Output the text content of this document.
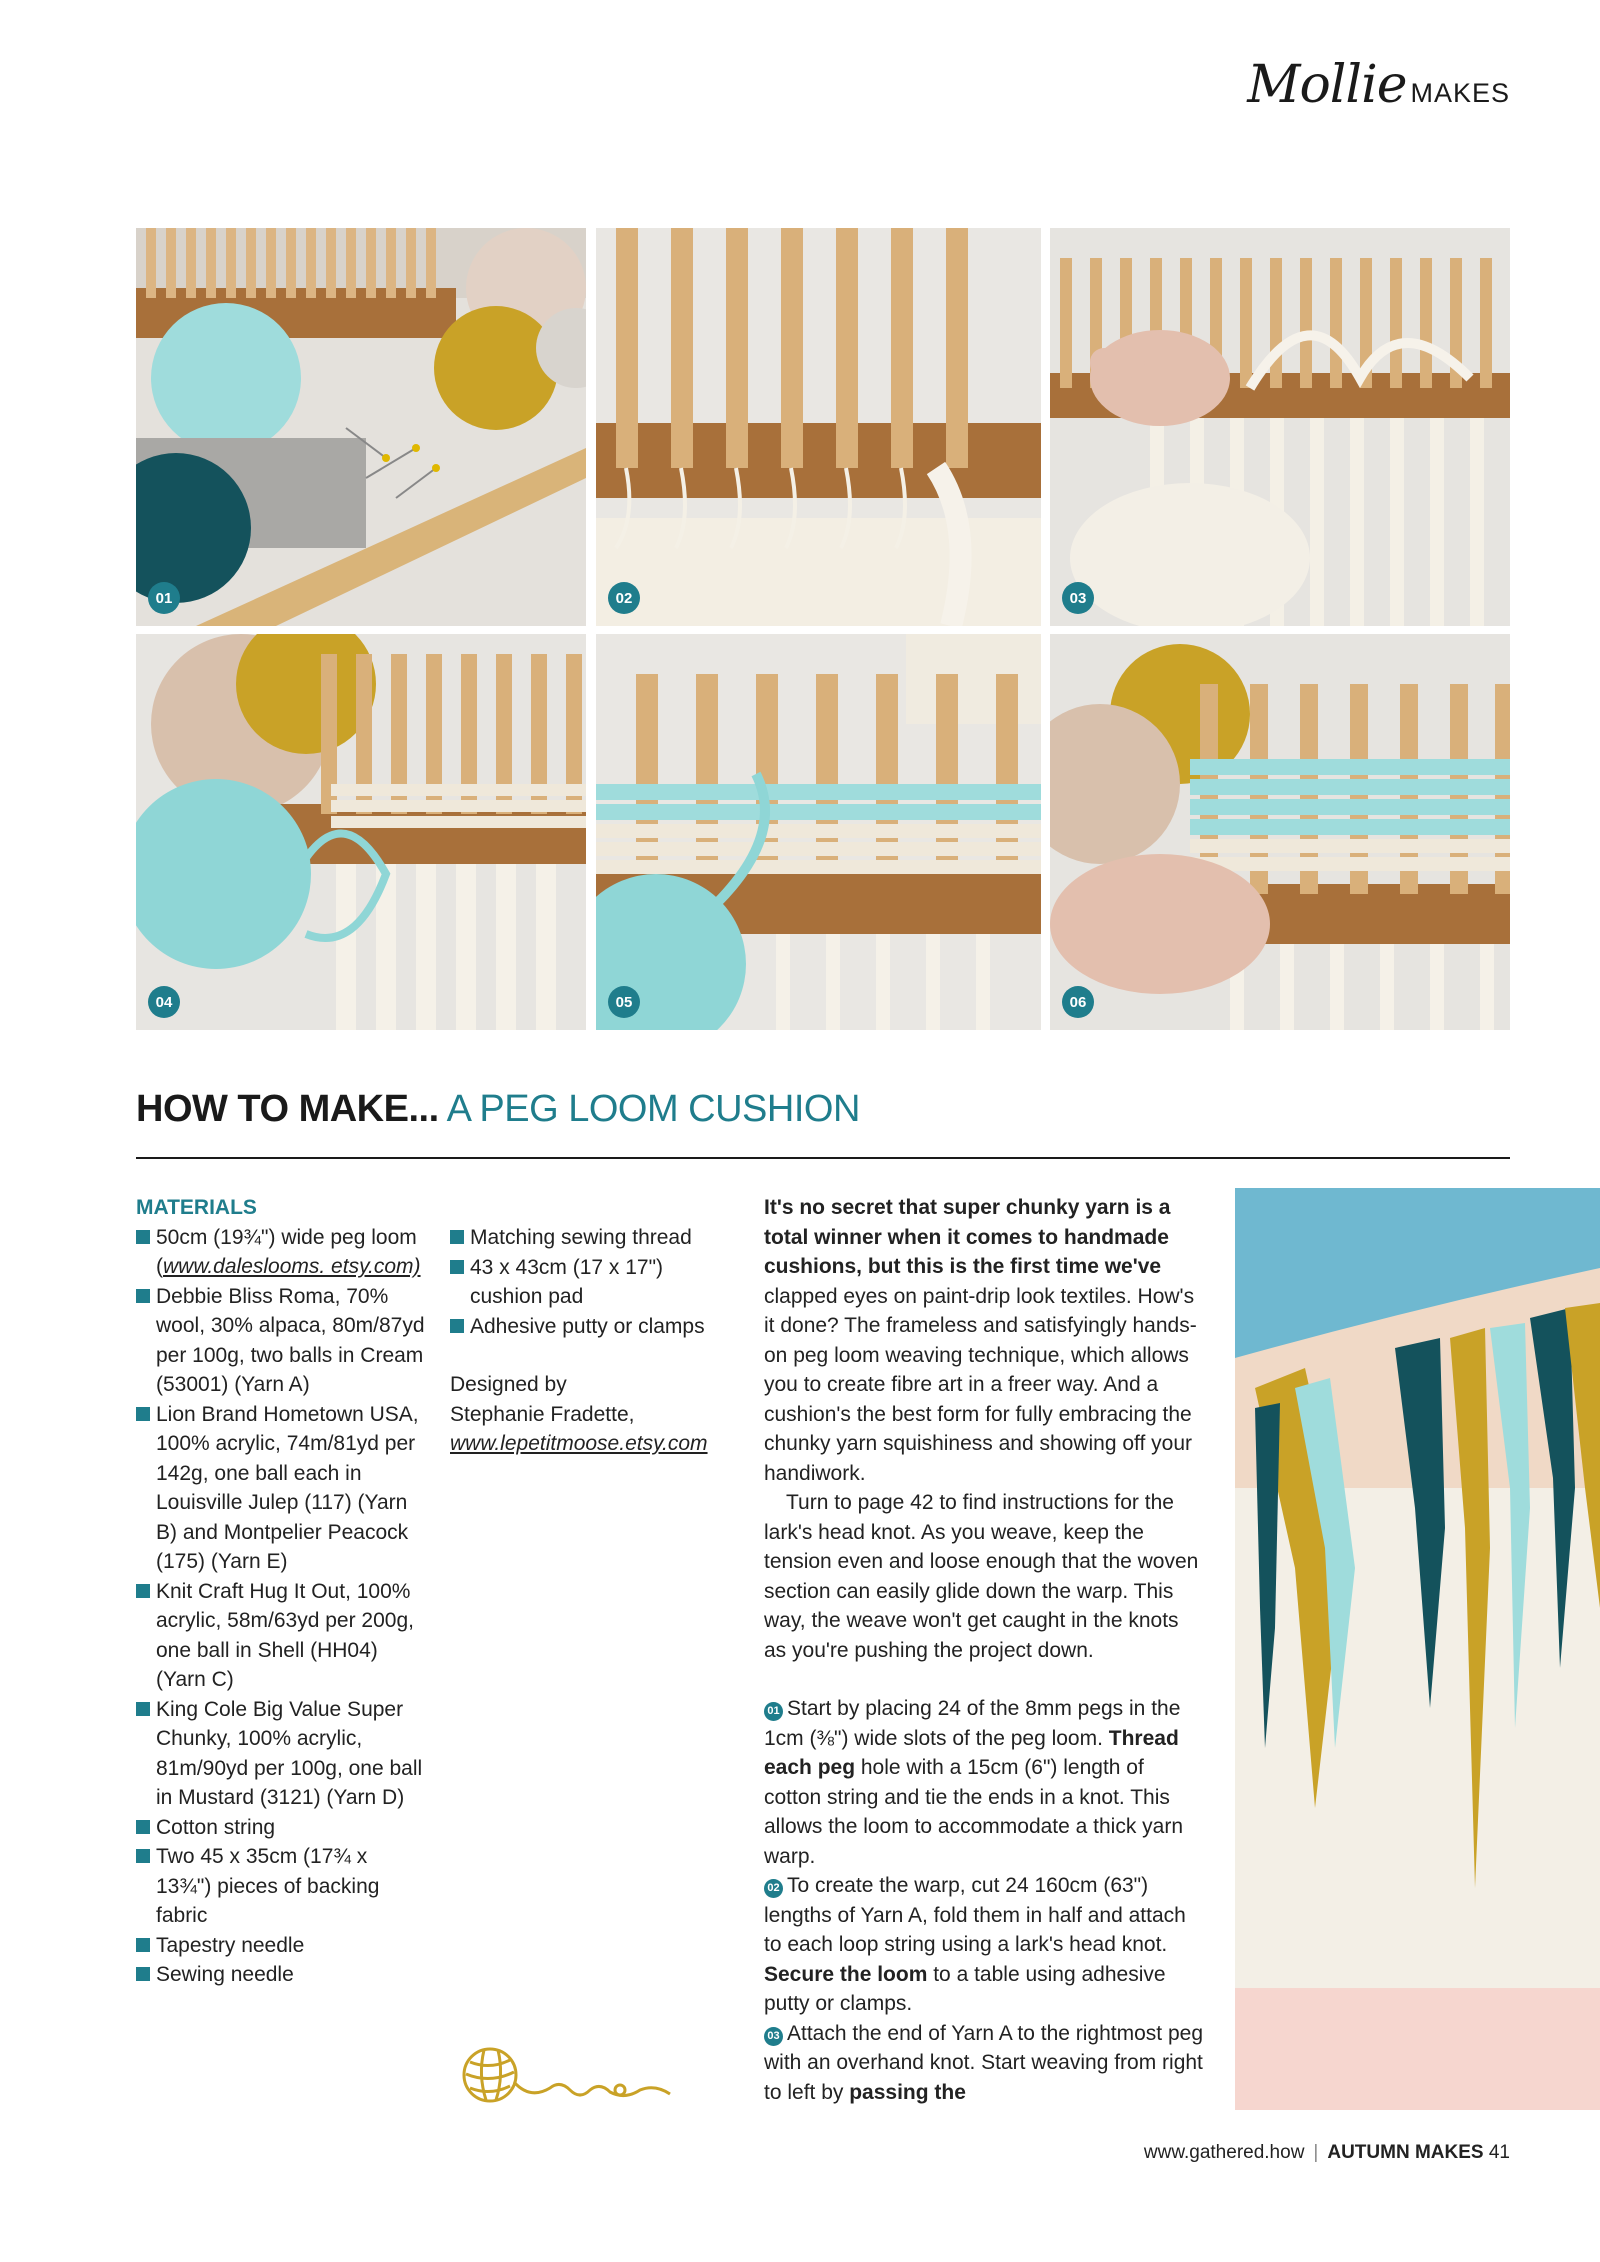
Mollie MAKES
01	02	03
04	05	06
HOW TO MAKE... A PEG LOOM CUSHION
MATERIALS
50cm (19¾") wide peg loom (www.daleslooms. etsy.com)
Debbie Bliss Roma, 70% wool, 30% alpaca, 80m/87yd per 100g, two balls in Cream (53001) (Yarn A)
Lion Brand Hometown USA, 100% acrylic, 74m/81yd per 142g, one ball each in Louisville Julep (117) (Yarn B) and Montpelier Peacock (175) (Yarn E)
Knit Craft Hug It Out, 100% acrylic, 58m/63yd per 200g, one ball in Shell (HH04) (Yarn C)
King Cole Big Value Super Chunky, 100% acrylic, 81m/90yd per 100g, one ball in Mustard (3121) (Yarn D)
Cotton string
Two 45 x 35cm (17¾ x 13¾") pieces of backing fabric
Tapestry needle
Sewing needle
Matching sewing thread
43 x 43cm (17 x 17") cushion pad
Adhesive putty or clamps
Designed by
Stephanie Fradette,
www.lepetitmoose.etsy.com

It's no secret that super chunky yarn is a total winner when it comes to handmade cushions, but this is the first time we've clapped eyes on paint-drip look textiles. How's it done? The frameless and satisfyingly hands-on peg loom weaving technique, which allows you to create fibre art in a freer way. And a cushion's the best form for fully embracing the chunky yarn squishiness and showing off your handiwork.

Turn to page 42 to find instructions for the lark's head knot. As you weave, keep the tension even and loose enough that the woven section can easily glide down the warp. This way, the weave won't get caught in the knots as you're pushing the project down.

01 Start by placing 24 of the 8mm pegs in the 1cm (⅜") wide slots of the peg loom. Thread each peg hole with a 15cm (6") length of cotton string and tie the ends in a knot. This allows the loom to accommodate a thick yarn warp.

02 To create the warp, cut 24 160cm (63") lengths of Yarn A, fold them in half and attach to each loop string using a lark's head knot. Secure the loom to a table using adhesive putty or clamps.

03 Attach the end of Yarn A to the rightmost peg with an overhand knot. Start weaving from right to left by passing the

www.gathered.how | AUTUMN MAKES 41
